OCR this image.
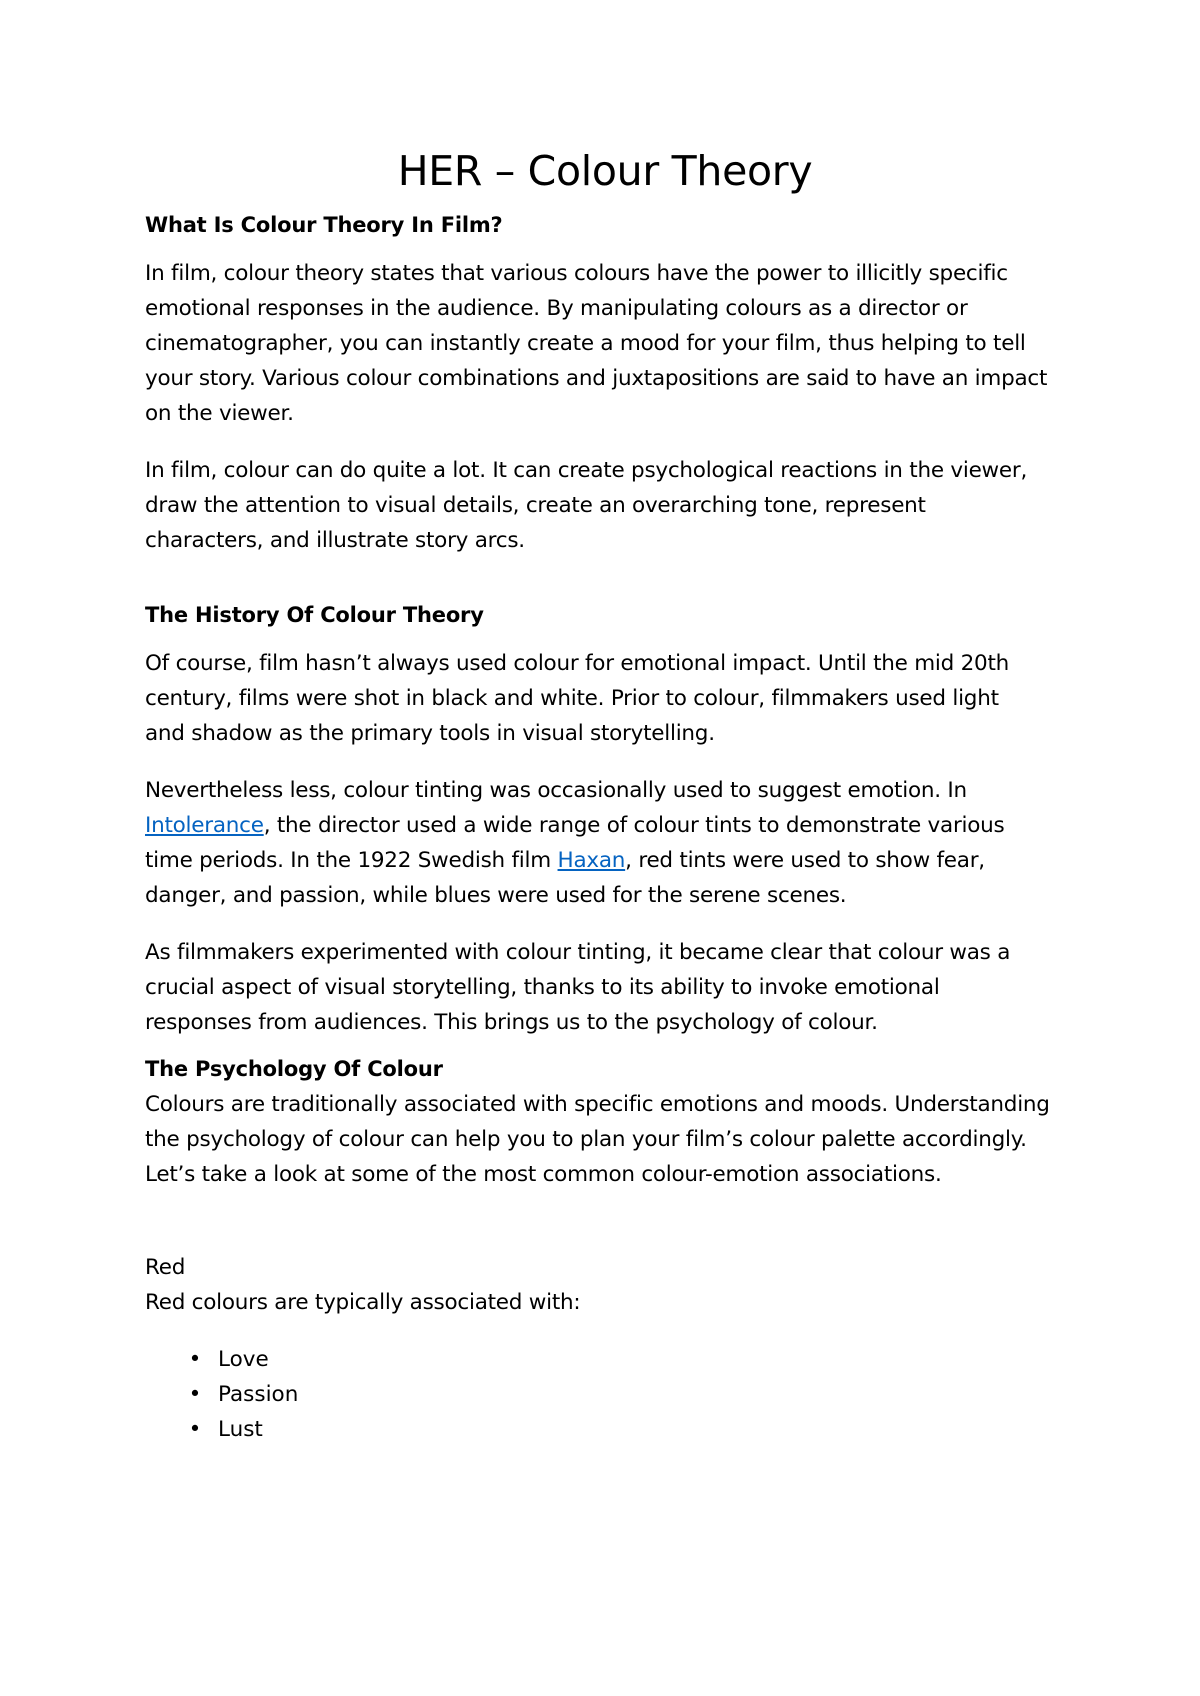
HER – Colour Theory
What Is Colour Theory In Film?

In film, colour theory states that various colours have the power to illicitly specific emotional responses in the audience. By manipulating colours as a director or cinematographer, you can instantly create a mood for your film, thus helping to tell your story. Various colour combinations and juxtapositions are said to have an impact on the viewer.

In film, colour can do quite a lot. It can create psychological reactions in the viewer, draw the attention to visual details, create an overarching tone, represent characters, and illustrate story arcs.

The History Of Colour Theory

Of course, film hasn’t always used colour for emotional impact. Until the mid 20th century, films were shot in black and white. Prior to colour, filmmakers used light and shadow as the primary tools in visual storytelling.

Nevertheless less, colour tinting was occasionally used to suggest emotion. In Intolerance, the director used a wide range of colour tints to demonstrate various time periods. In the 1922 Swedish film Haxan, red tints were used to show fear, danger, and passion, while blues were used for the serene scenes.

As filmmakers experimented with colour tinting, it became clear that colour was a crucial aspect of visual storytelling, thanks to its ability to invoke emotional responses from audiences. This brings us to the psychology of colour.

The Psychology Of Colour

Colours are traditionally associated with specific emotions and moods. Understanding the psychology of colour can help you to plan your film’s colour palette accordingly. Let’s take a look at some of the most common colour-emotion associations.

Red

Red colours are typically associated with:

• Love
• Passion
• Lust
